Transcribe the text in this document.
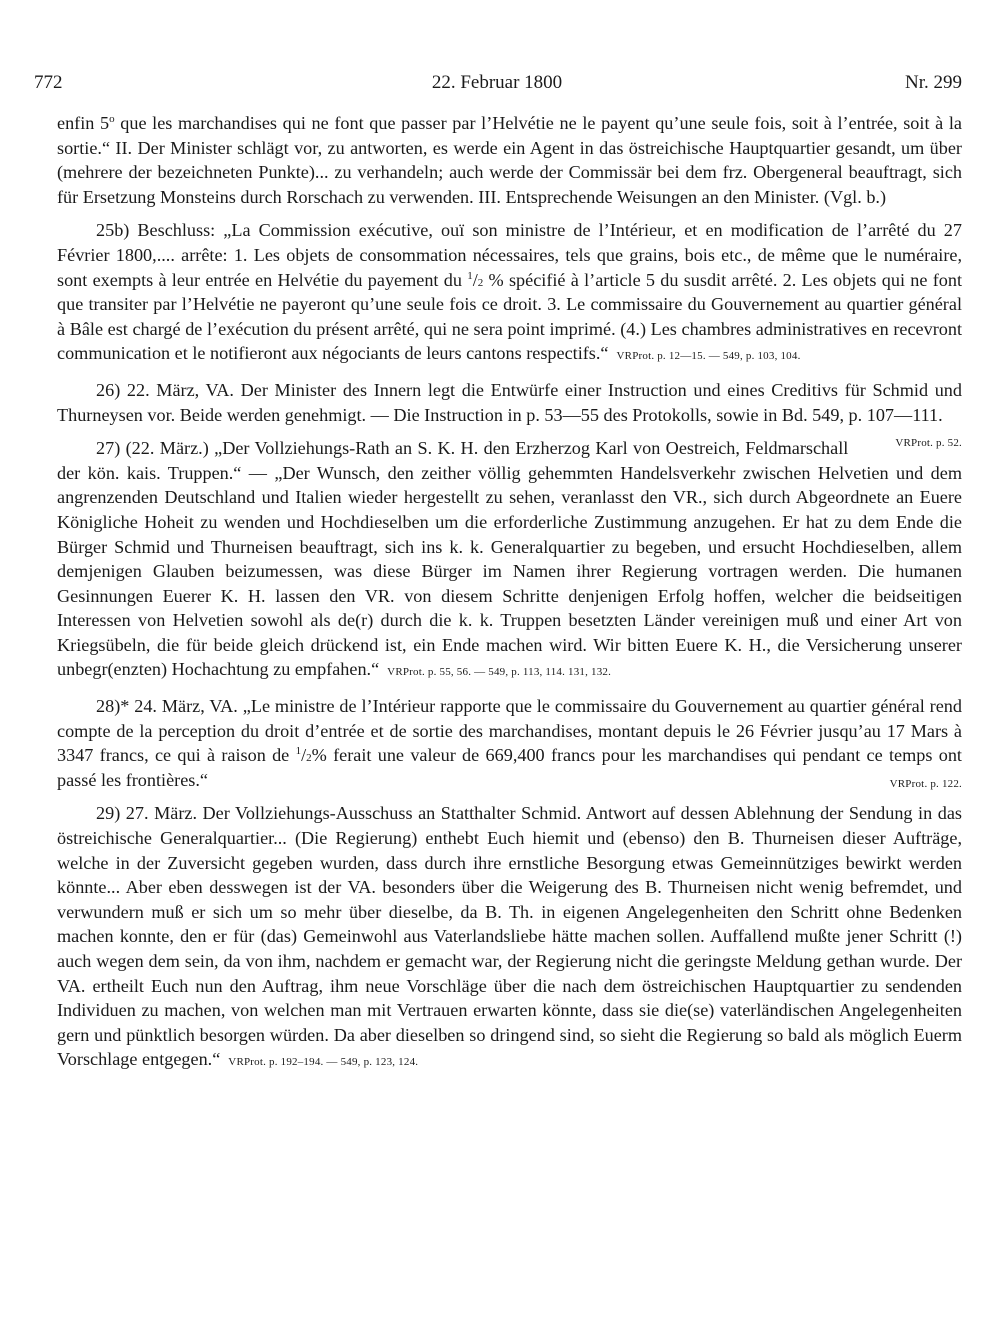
772	22. Februar 1800	Nr. 299

enfin 5$^o$ que les marchandises qui ne font que passer par l’Helvétie ne le payent qu’une seule fois, soit à l’entrée, soit à la sortie.“ II. Der Minister schlägt vor, zu antworten, es werde ein Agent in das östreichische Hauptquartier gesandt, um über (mehrere der bezeichneten Punkte)... zu verhandeln; auch werde der Commissär bei dem frz. Obergeneral beauftragt, sich für Ersetzung Monsteins durch Rorschach zu verwenden. III. Entsprechende Weisungen an den Minister. (Vgl. b.)

25b) Beschluss: „La Commission exécutive, ouï son ministre de l’Intérieur, et en modification de l’arrêté du 27 Février 1800,.... arrête: 1. Les objets de consommation nécessaires, tels que grains, bois etc., de même que le numéraire, sont exempts à leur entrée en Helvétie du payement du $^1$/2 % spécifié à l’article 5 du susdit arrêté. 2. Les objets qui ne font que transiter par l’Helvétie ne payeront qu’une seule fois ce droit. 3. Le commissaire du Gouvernement au quartier général à Bâle est chargé de l’exécution du présent arrêté, qui ne sera point imprimé. (4.) Les chambres administratives en recevront communication et le notifieront aux négociants de leurs cantons respectifs.“ VRProt. p. 12—15. — 549, p. 103, 104.

26) 22. März, VA. Der Minister des Innern legt die Entwürfe einer Instruction und eines Creditivs für Schmid und Thurneysen vor. Beide werden genehmigt. — Die Instruction in p. 53—55 des Protokolls, sowie in Bd. 549, p. 107—111.
VRProt. p. 52.

27) (22. März.) „Der Vollziehungs-Rath an S. K. H. den Erzherzog Karl von Oestreich, Feldmarschall der kön. kais. Truppen.“ — „Der Wunsch, den zeither völlig gehemmten Handelsverkehr zwischen Helvetien und dem angrenzenden Deutschland und Italien wieder hergestellt zu sehen, veranlasst den VR., sich durch Abgeordnete an Euere Königliche Hoheit zu wenden und Hochdieselben um die erforderliche Zustimmung anzugehen. Er hat zu dem Ende die Bürger Schmid und Thurneisen beauftragt, sich ins k. k. Generalquartier zu begeben, und ersucht Hochdieselben, allem demjenigen Glauben beizumessen, was diese Bürger im Namen ihrer Regierung vortragen werden. Die humanen Gesinnungen Euerer K. H. lassen den VR. von diesem Schritte denjenigen Erfolg hoffen, welcher die beidseitigen Interessen von Helvetien sowohl als de(r) durch die k. k. Truppen besetzten Länder vereinigen muß und einer Art von Kriegsübeln, die für beide gleich drückend ist, ein Ende machen wird. Wir bitten Euere K. H., die Versicherung unserer unbegr(enzten) Hochachtung zu empfahen.“ VRProt. p. 55, 56. — 549, p. 113, 114. 131, 132.

28)* 24. März, VA. „Le ministre de l’Intérieur rapporte que le commissaire du Gouvernement au quartier général rend compte de la perception du droit d’entrée et de sortie des marchandises, montant depuis le 26 Février jusqu’au 17 Mars à 3347 francs, ce qui à raison de $^1$/2% ferait une valeur de 669,400 francs pour les marchandises qui pendant ce temps ont passé les frontières.“	VRProt. p. 122.

29) 27. März. Der Vollziehungs-Ausschuss an Statthalter Schmid. Antwort auf dessen Ablehnung der Sendung in das östreichische Generalquartier... (Die Regierung) enthebt Euch hiemit und (ebenso) den B. Thurneisen dieser Aufträge, welche in der Zuversicht gegeben wurden, dass durch ihre ernstliche Besorgung etwas Gemeinnütziges bewirkt werden könnte... Aber eben desswegen ist der VA. besonders über die Weigerung des B. Thurneisen nicht wenig befremdet, und verwundern muß er sich um so mehr über dieselbe, da B. Th. in eigenen Angelegenheiten den Schritt ohne Bedenken machen konnte, den er für (das) Gemeinwohl aus Vaterlandsliebe hätte machen sollen. Auffallend mußte jener Schritt (!) auch wegen dem sein, da von ihm, nachdem er gemacht war, der Regierung nicht die geringste Meldung gethan wurde. Der VA. ertheilt Euch nun den Auftrag, ihm neue Vorschläge über die nach dem östreichischen Hauptquartier zu sendenden Individuen zu machen, von welchen man mit Vertrauen erwarten könnte, dass sie die(se) vaterländischen Angelegenheiten gern und pünktlich besorgen würden. Da aber dieselben so dringend sind, so sieht die Regierung so bald als möglich Euerm Vorschlage entgegen.“ VRProt. p. 192–194. — 549, p. 123, 124.
